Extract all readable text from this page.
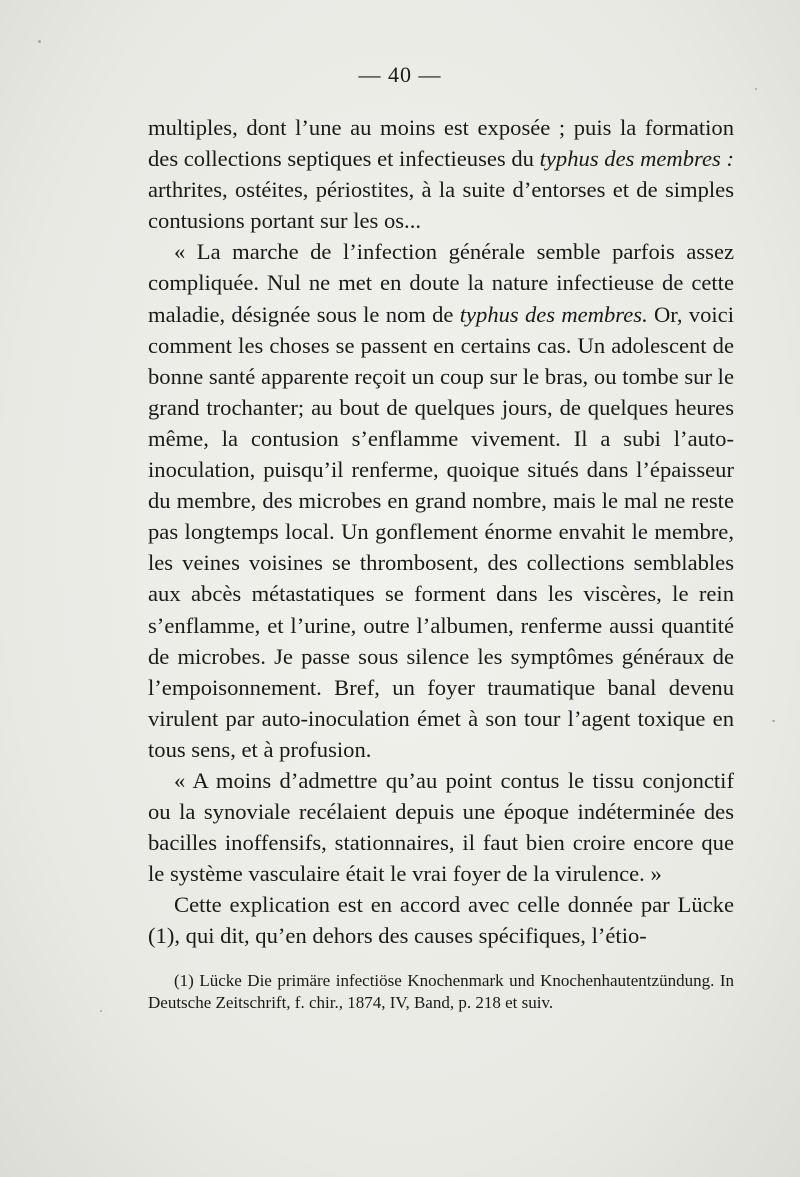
— 40 —

multiples, dont l’une au moins est exposée ; puis la formation des collections septiques et infectieuses du typhus des membres : arthrites, ostéites, périostites, à la suite d’entorses et de simples contusions portant sur les os...

« La marche de l’infection générale semble parfois assez compliquée. Nul ne met en doute la nature infectieuse de cette maladie, désignée sous le nom de typhus des membres. Or, voici comment les choses se passent en certains cas. Un adolescent de bonne santé apparente reçoit un coup sur le bras, ou tombe sur le grand trochanter; au bout de quelques jours, de quelques heures même, la contusion s’enflamme vivement. Il a subi l’auto-inoculation, puisqu’il renferme, quoique situés dans l’épaisseur du membre, des microbes en grand nombre, mais le mal ne reste pas longtemps local. Un gonflement énorme envahit le membre, les veines voisines se thrombosent, des collections semblables aux abcès métastatiques se forment dans les viscères, le rein s’enflamme, et l’urine, outre l’albumen, renferme aussi quantité de microbes. Je passe sous silence les symptômes généraux de l’empoisonnement. Bref, un foyer traumatique banal devenu virulent par auto-inoculation émet à son tour l’agent toxique en tous sens, et à profusion.

« A moins d’admettre qu’au point contus le tissu conjonctif ou la synoviale recélaient depuis une époque indéterminée des bacilles inoffensifs, stationnaires, il faut bien croire encore que le système vasculaire était le vrai foyer de la virulence. »

Cette explication est en accord avec celle donnée par Lücke (1), qui dit, qu’en dehors des causes spécifiques, l’étio-

(1) Lücke Die primäre infectiöse Knochenmark und Knochenhautentzündung. In Deutsche Zeitschrift, f. chir., 1874, IV, Band, p. 218 et suiv.
